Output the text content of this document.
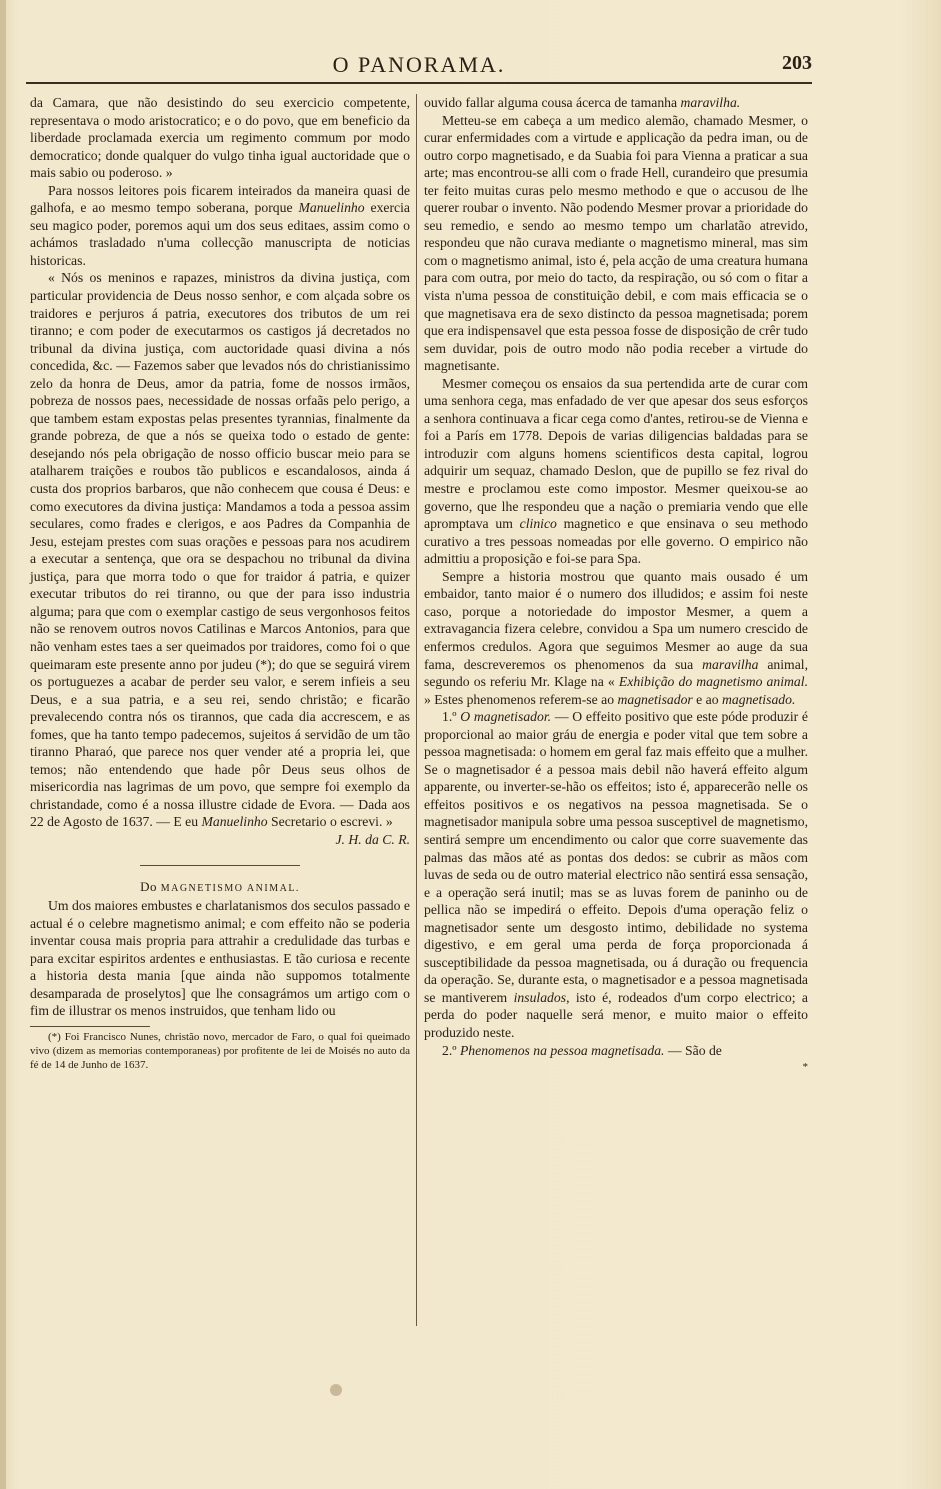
O PANORAMA.	203

da Camara, que não desistindo do seu exercicio competente, representava o modo aristocratico; e o do povo, que em beneficio da liberdade proclamada exercia um regimento commum por modo democratico; donde qualquer do vulgo tinha igual auctoridade que o mais sabio ou poderoso. »

Para nossos leitores pois ficarem inteirados da maneira quasi de galhofa, e ao mesmo tempo soberana, porque Manuelinho exercia seu magico poder, poremos aqui um dos seus editaes, assim como o achámos trasladado n'uma collecção manuscripta de noticias historicas.

« Nós os meninos e rapazes, ministros da divina justiça, com particular providencia de Deus nosso senhor, e com alçada sobre os traidores e perjuros á patria, executores dos tributos de um rei tiranno; e com poder de executarmos os castigos já decretados no tribunal da divina justiça, com auctoridade quasi divina a nós concedida, &c. — Fazemos saber que levados nós do christianissimo zelo da honra de Deus, amor da patria, fome de nossos irmãos, pobreza de nossos paes, necessidade de nossas orfaãs pelo perigo, a que tambem estam expostas pelas presentes tyrannias, finalmente da grande pobreza, de que a nós se queixa todo o estado de gente: desejando nós pela obrigação de nosso officio buscar meio para se atalharem traições e roubos tão publicos e escandalosos, ainda á custa dos proprios barbaros, que não conhecem que cousa é Deus: e como executores da divina justiça: Mandamos a toda a pessoa assim seculares, como frades e clerigos, e aos Padres da Companhia de Jesu, estejam prestes com suas orações e pessoas para nos acudirem a executar a sentença, que ora se despachou no tribunal da divina justiça, para que morra todo o que for traidor á patria, e quizer executar tributos do rei tiranno, ou que der para isso industria alguma; para que com o exemplar castigo de seus vergonhosos feitos não se renovem outros novos Catilinas e Marcos Antonios, para que não venham estes taes a ser queimados por traidores, como foi o que queimaram este presente anno por judeu (*); do que se seguirá virem os portuguezes a acabar de perder seu valor, e serem infieis a seu Deus, e a sua patria, e a seu rei, sendo christão; e ficarão prevalecendo contra nós os tirannos, que cada dia accrescem, e as fomes, que ha tanto tempo padecemos, sujeitos á servidão de um tão tiranno Pharaó, que parece nos quer vender até a propria lei, que temos; não entendendo que hade pôr Deus seus olhos de misericordia nas lagrimas de um povo, que sempre foi exemplo da christandade, como é a nossa illustre cidade de Evora. — Dada aos 22 de Agosto de 1637. — E eu Manuelinho Secretario o escrevi. »

J. H. da C. R.

Do MAGNETISMO ANIMAL.

Um dos maiores embustes e charlatanismos dos seculos passado e actual é o celebre magnetismo animal; e com effeito não se poderia inventar cousa mais propria para attrahir a credulidade das turbas e para excitar espiritos ardentes e enthusiastas. E tão curiosa e recente a historia desta mania [que ainda não suppomos totalmente desamparada de proselytos] que lhe consagrámos um artigo com o fim de illustrar os menos instruidos, que tenham lido ou

(*) Foi Francisco Nunes, christão novo, mercador de Faro, o qual foi queimado vivo (dizem as memorias contemporaneas) por profitente de lei de Moisés no auto da fé de 14 de Junho de 1637.

ouvido fallar alguma cousa ácerca de tamanha maravilha.

Metteu-se em cabeça a um medico alemão, chamado Mesmer, o curar enfermidades com a virtude e applicação da pedra iman, ou de outro corpo magnetisado, e da Suabia foi para Vienna a praticar a sua arte; mas encontrou-se alli com o frade Hell, curandeiro que presumia ter feito muitas curas pelo mesmo methodo e que o accusou de lhe querer roubar o invento. Não podendo Mesmer provar a prioridade do seu remedio, e sendo ao mesmo tempo um charlatão atrevido, respondeu que não curava mediante o magnetismo mineral, mas sim com o magnetismo animal, isto é, pela acção de uma creatura humana para com outra, por meio do tacto, da respiração, ou só com o fitar a vista n'uma pessoa de constituição debil, e com mais efficacia se o que magnetisava era de sexo distincto da pessoa magnetisada; porem que era indispensavel que esta pessoa fosse de disposição de crêr tudo sem duvidar, pois de outro modo não podia receber a virtude do magnetisante.

Mesmer começou os ensaios da sua pertendida arte de curar com uma senhora cega, mas enfadado de ver que apesar dos seus esforços a senhora continuava a ficar cega como d'antes, retirou-se de Vienna e foi a París em 1778. Depois de varias diligencias baldadas para se introduzir com alguns homens scientificos desta capital, logrou adquirir um sequaz, chamado Deslon, que de pupillo se fez rival do mestre e proclamou este como impostor. Mesmer queixou-se ao governo, que lhe respondeu que a nação o premiaria vendo que elle apromptava um clinico magnetico e que ensinava o seu methodo curativo a tres pessoas nomeadas por elle governo. O empirico não admittiu a proposição e foi-se para Spa.

Sempre a historia mostrou que quanto mais ousado é um embaidor, tanto maior é o numero dos illudidos; e assim foi neste caso, porque a notoriedade do impostor Mesmer, a quem a extravagancia fizera celebre, convidou a Spa um numero crescido de enfermos credulos. Agora que seguimos Mesmer ao auge da sua fama, descreveremos os phenomenos da sua maravilha animal, segundo os referiu Mr. Klage na « Exhibição do magnetismo animal. » Estes phenomenos referem-se ao magnetisador e ao magnetisado.

1.º O magnetisador. — O effeito positivo que este póde produzir é proporcional ao maior gráu de energia e poder vital que tem sobre a pessoa magnetisada: o homem em geral faz mais effeito que a mulher. Se o magnetisador é a pessoa mais debil não haverá effeito algum apparente, ou inverter-se-hão os effeitos; isto é, apparecerão nelle os effeitos positivos e os negativos na pessoa magnetisada. Se o magnetisador manipula sobre uma pessoa susceptivel de magnetismo, sentirá sempre um encendimento ou calor que corre suavemente das palmas das mãos até as pontas dos dedos: se cubrir as mãos com luvas de seda ou de outro material electrico não sentirá essa sensação, e a operação será inutil; mas se as luvas forem de paninho ou de pellica não se impedirá o effeito. Depois d'uma operação feliz o magnetisador sente um desgosto intimo, debilidade no systema digestivo, e em geral uma perda de força proporcionada á susceptibilidade da pessoa magnetisada, ou á duração ou frequencia da operação. Se, durante esta, o magnetisador e a pessoa magnetisada se mantiverem insulados, isto é, rodeados d'um corpo electrico; a perda do poder naquelle será menor, e muito maior o effeito produzido neste.

2.º Phenomenos na pessoa magnetisada. — São de

*
